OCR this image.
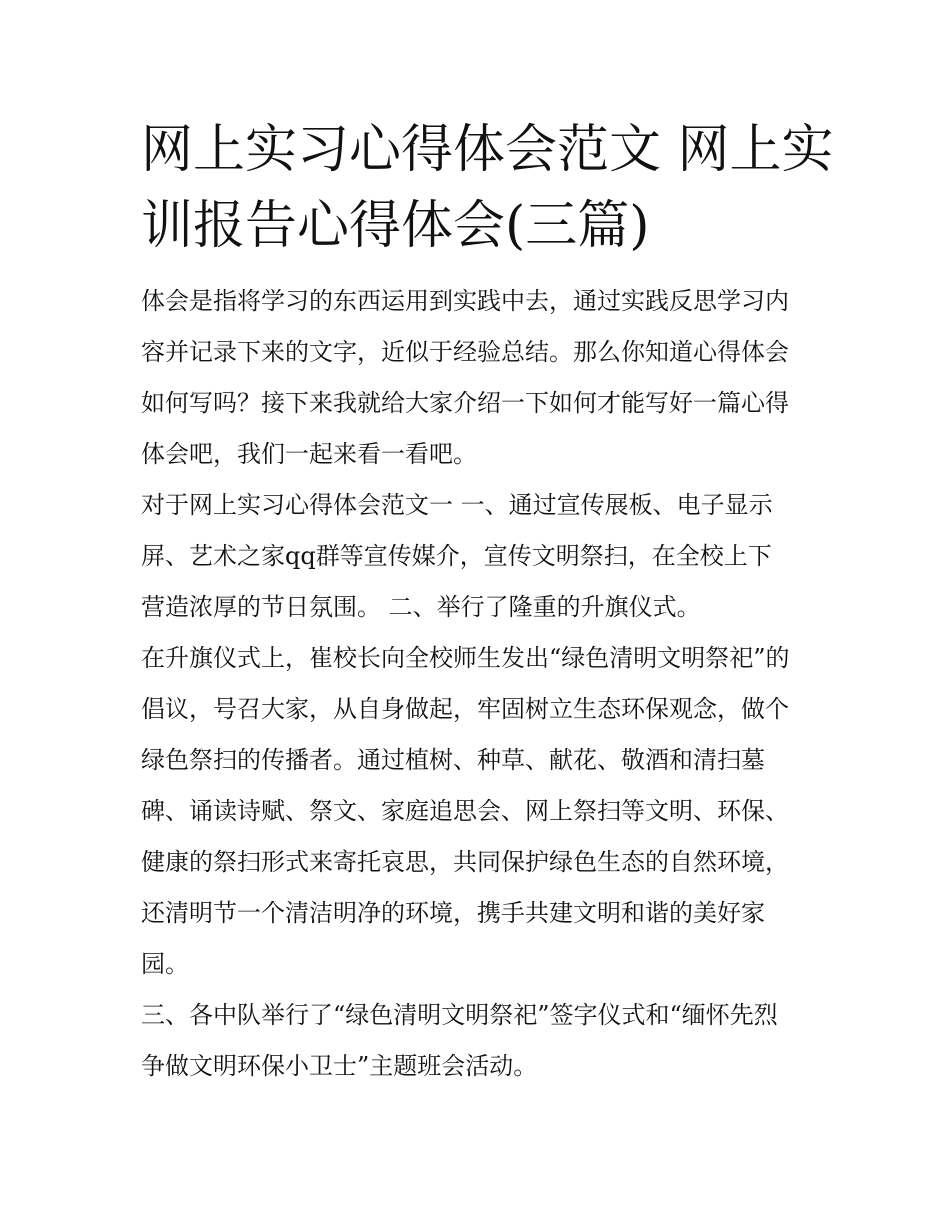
网上实习心得体会范文 网上实
训报告心得体会(三篇)
体会是指将学习的东西运用到实践中去，通过实践反思学习内
容并记录下来的文字，近似于经验总结。那么你知道心得体会
如何写吗？接下来我就给大家介绍一下如何才能写好一篇心得
体会吧，我们一起来看一看吧。
对于网上实习心得体会范文一 一、通过宣传展板、电子显示
屏、艺术之家qq群等宣传媒介，宣传文明祭扫，在全校上下
营造浓厚的节日氛围。 二、举行了隆重的升旗仪式。
在升旗仪式上，崔校长向全校师生发出“绿色清明文明祭祀”的
倡议，号召大家，从自身做起，牢固树立生态环保观念，做个
绿色祭扫的传播者。通过植树、种草、献花、敬酒和清扫墓
碑、诵读诗赋、祭文、家庭追思会、网上祭扫等文明、环保、
健康的祭扫形式来寄托哀思，共同保护绿色生态的自然环境，
还清明节一个清洁明净的环境，携手共建文明和谐的美好家
园。
三、各中队举行了“绿色清明文明祭祀”签字仪式和“缅怀先烈
争做文明环保小卫士”主题班会活动。
